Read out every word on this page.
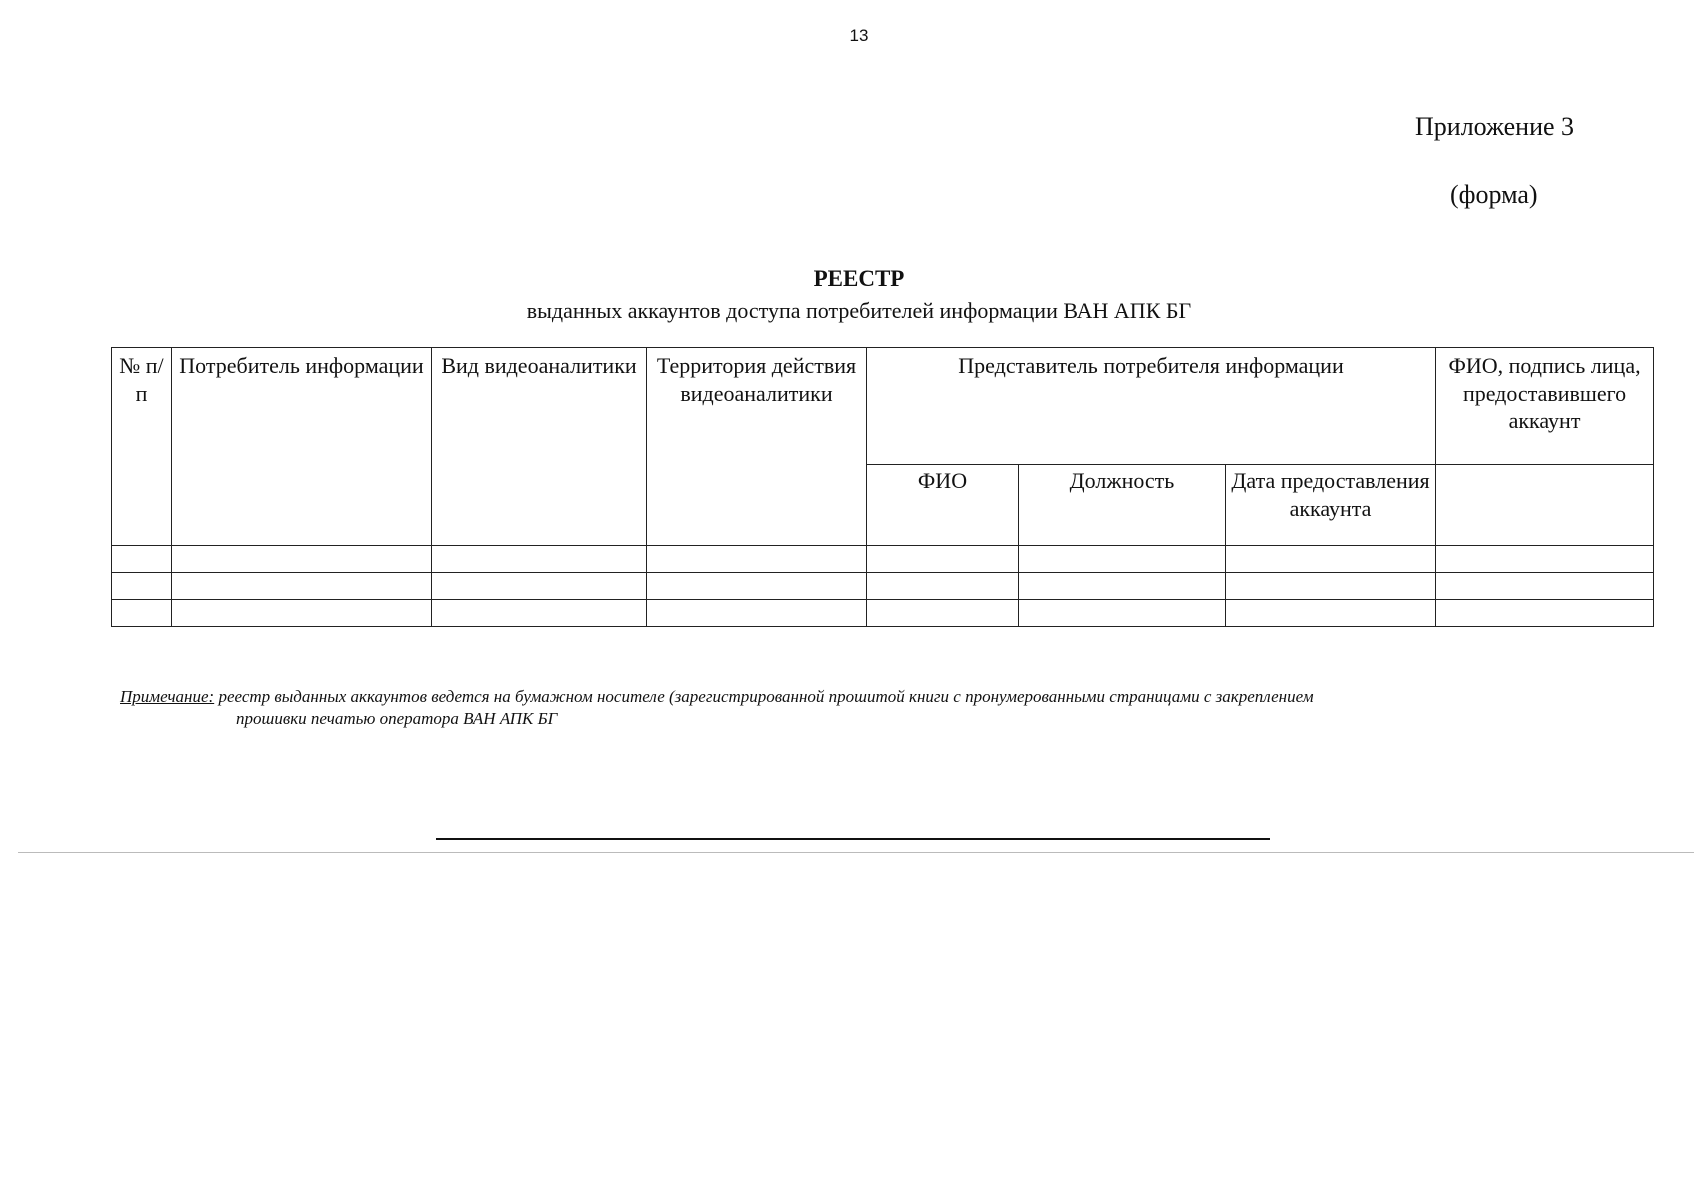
13
Приложение 3
(форма)
РЕЕСТР
выданных аккаунтов доступа потребителей информации ВАН АПК БГ
№ п/п	Потребитель информации	Вид видеоаналитики	Территория действия видеоаналитики	Представитель потребителя информации			ФИО, подпись лица, предоставившего аккаунт
				ФИО	Должность	Дата предоставления аккаунта	

Примечание: реестр выданных аккаунтов ведется на бумажном носителе (зарегистрированной прошитой книги с пронумерованными страницами с закреплением
прошивки печатью оператора ВАН АПК БГ
